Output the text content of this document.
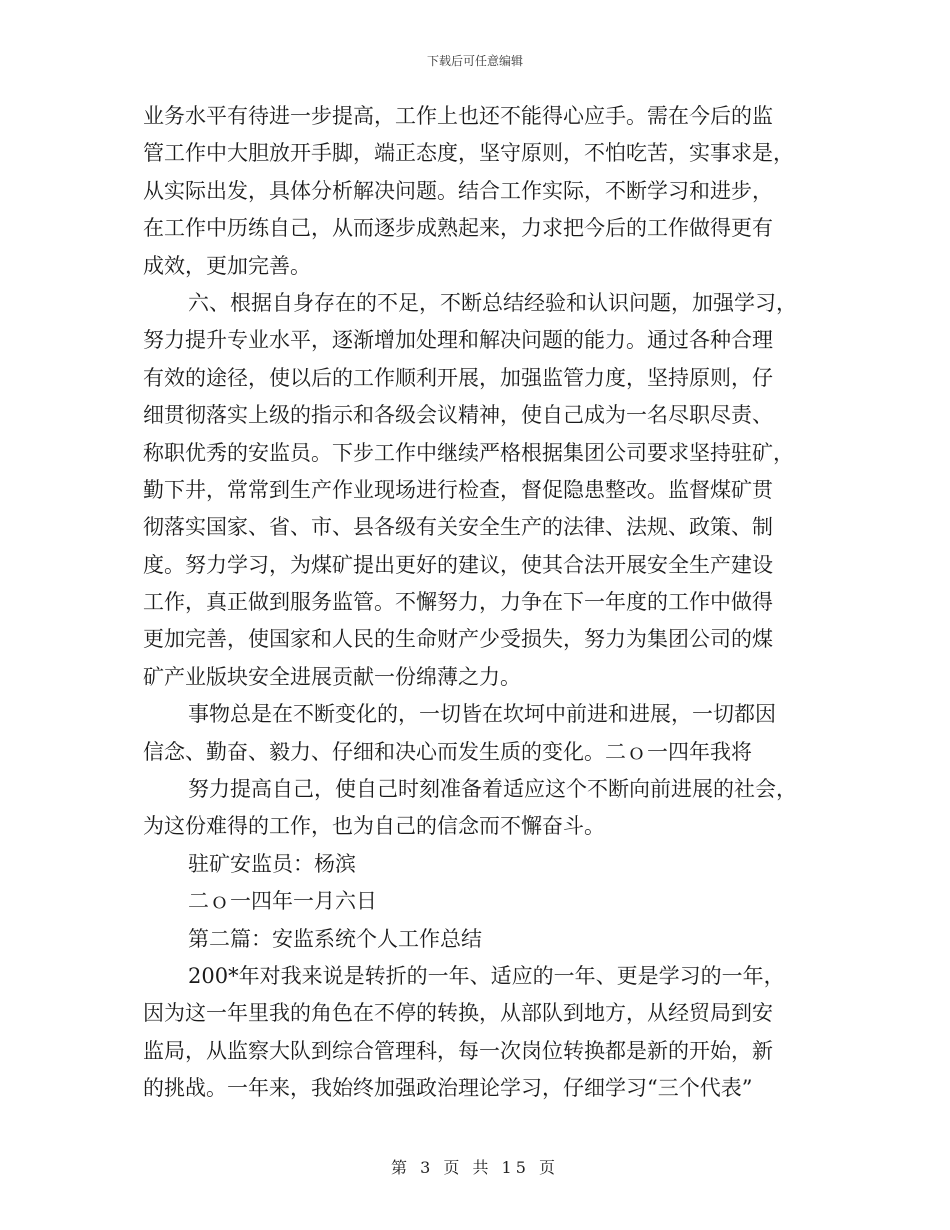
下载后可任意编辑
业务水平有待进一步提高，工作上也还不能得心应手。需在今后的监
管工作中大胆放开手脚，端正态度，坚守原则，不怕吃苦，实事求是，
从实际出发，具体分析解决问题。结合工作实际，不断学习和进步，
在工作中历练自己，从而逐步成熟起来，力求把今后的工作做得更有
成效，更加完善。
六、根据自身存在的不足，不断总结经验和认识问题，加强学习，
努力提升专业水平，逐渐增加处理和解决问题的能力。通过各种合理
有效的途径，使以后的工作顺利开展，加强监管力度，坚持原则，仔
细贯彻落实上级的指示和各级会议精神，使自己成为一名尽职尽责、
称职优秀的安监员。下步工作中继续严格根据集团公司要求坚持驻矿，
勤下井，常常到生产作业现场进行检查，督促隐患整改。监督煤矿贯
彻落实国家、省、市、县各级有关安全生产的法律、法规、政策、制
度。努力学习，为煤矿提出更好的建议，使其合法开展安全生产建设
工作，真正做到服务监管。不懈努力，力争在下一年度的工作中做得
更加完善，使国家和人民的生命财产少受损失，努力为集团公司的煤
矿产业版块安全进展贡献一份绵薄之力。
事物总是在不断变化的，一切皆在坎坷中前进和进展，一切都因
信念、勤奋、毅力、仔细和决心而发生质的变化。二ｏ一四年我将
努力提高自己，使自己时刻准备着适应这个不断向前进展的社会，
为这份难得的工作，也为自己的信念而不懈奋斗。
驻矿安监员：杨滨
二ｏ一四年一月六日
第二篇：安监系统个人工作总结
200*年对我来说是转折的一年、适应的一年、更是学习的一年，
因为这一年里我的角色在不停的转换，从部队到地方，从经贸局到安
监局，从监察大队到综合管理科，每一次岗位转换都是新的开始，新
的挑战。一年来，我始终加强政治理论学习，仔细学习“三个代表”
第 3 页 共 15 页
